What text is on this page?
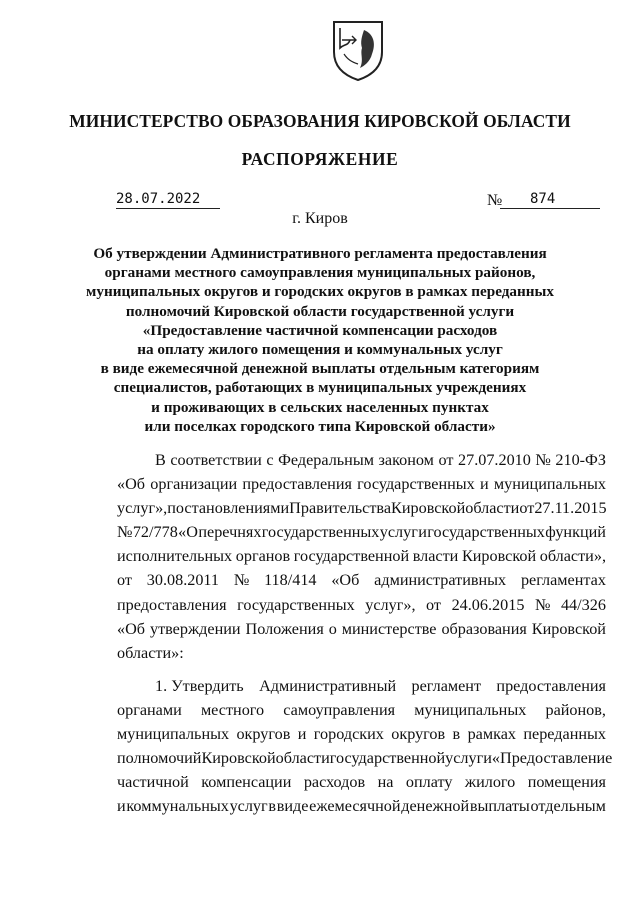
МИНИСТЕРСТВО ОБРАЗОВАНИЯ КИРОВСКОЙ ОБЛАСТИ
РАСПОРЯЖЕНИЕ
28.07.2022	№	874
г. Киров
Об утверждении Административного регламента предоставления
органами местного самоуправления муниципальных районов,
муниципальных округов и городских округов в рамках переданных
полномочий Кировской области государственной услуги
«Предоставление частичной компенсации расходов
на оплату жилого помещения и коммунальных услуг
в виде ежемесячной денежной выплаты отдельным категориям
специалистов, работающих в муниципальных учреждениях
и проживающих в сельских населенных пунктах
или поселках городского типа Кировской области»
В соответствии с Федеральным законом от 27.07.2010 № 210-ФЗ
«Об организации предоставления государственных и муниципальных
услуг», постановлениями Правительства Кировской области от 27.11.2015
№ 72/778 «О перечнях государственных услуг и государственных функций
исполнительных органов государственной власти Кировской области»,
от 30.08.2011 № 118/414 «Об административных регламентах
предоставления государственных услуг», от 24.06.2015 № 44/326
«Об утверждении Положения о министерстве образования Кировской
области»:
1. Утвердить Административный регламент предоставления
органами местного самоуправления муниципальных районов,
муниципальных округов и городских округов в рамках переданных
полномочий Кировской области государственной услуги «Предоставление
частичной компенсации расходов на оплату жилого помещения
и коммунальных услуг в виде ежемесячной денежной выплаты отдельным
